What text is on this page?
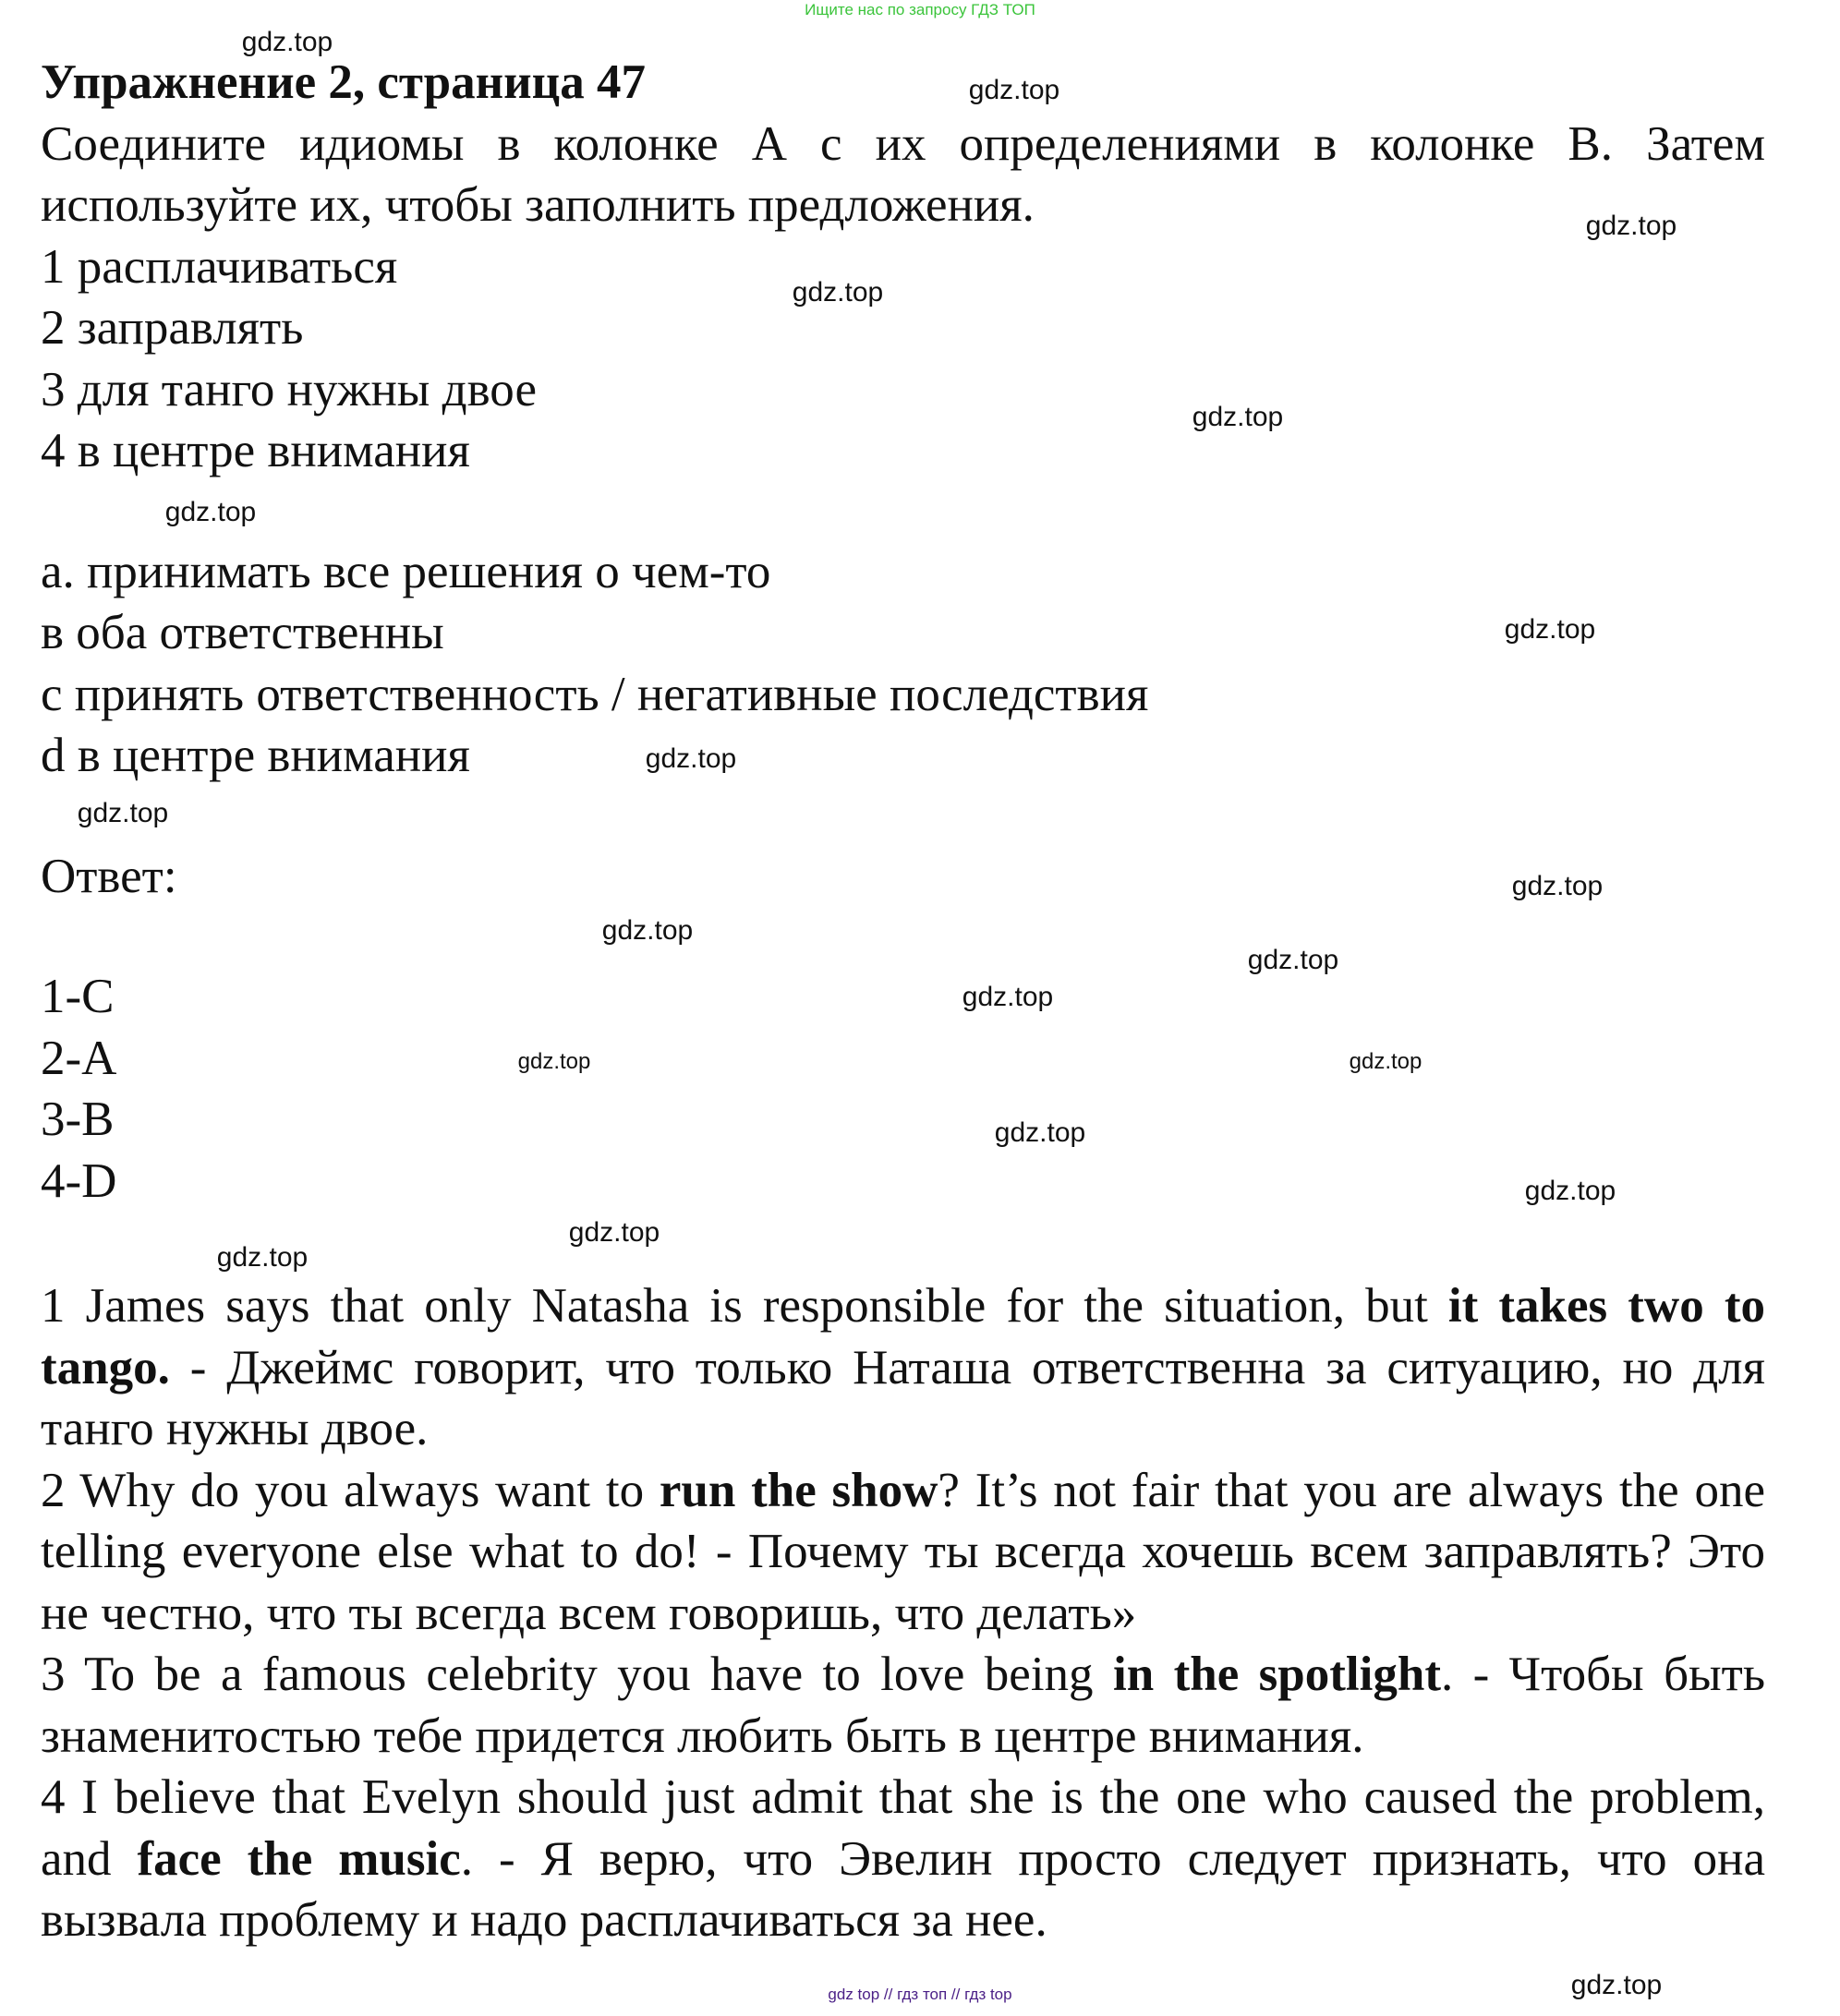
Ищите нас по запросу ГДЗ ТОП
Упражнение 2, страница 47
Соедините идиомы в колонке А с их определениями в колонке В. Затем используйте их, чтобы заполнить предложения.
1 расплачиваться
2 заправлять
3 для танго нужны двое
4 в центре внимания
a. принимать все решения о чем-то
в оба ответственны
с принять ответственность / негативные последствия
d в центре внимания
Ответ:
1-C
2-A
3-B
4-D
1 James says that only Natasha is responsible for the situation, but it takes two to tango. - Джеймс говорит, что только Наташа ответственна за ситуацию, но для танго нужны двое.
2 Why do you always want to run the show? It’s not fair that you are always the one telling everyone else what to do! - Почему ты всегда хочешь всем заправлять? Это не честно, что ты всегда всем говоришь, что делать»
3 To be a famous celebrity you have to love being in the spotlight. - Чтобы быть знаменитостью тебе придется любить быть в центре внимания.
4 I believe that Evelyn should just admit that she is the one who caused the problem, and face the music. - Я верю, что Эвелин просто следует признать, что она вызвала проблему и надо расплачиваться за нее.
gdz.top
gdz.top
gdz.top
gdz.top
gdz.top
gdz.top
gdz.top
gdz.top
gdz.top
gdz.top
gdz.top
gdz.top
gdz.top
gdz.top
gdz.top
gdz.top
gdz.top
gdz.top
gdz.top
gdz.top
gdz top // гдз топ // гдз top
